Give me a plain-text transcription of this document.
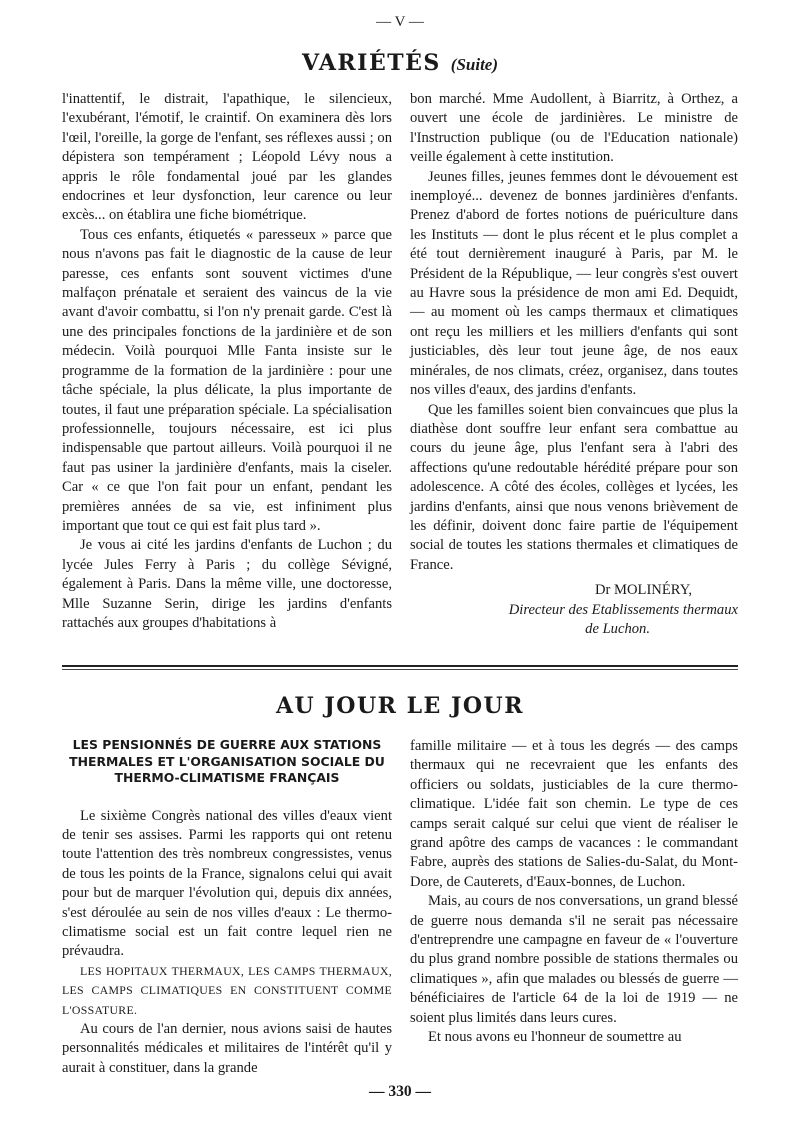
— V —
VARIÉTÉS (Suite)

l'inattentif, le distrait, l'apathique, le silencieux, l'exubérant, l'émotif, le craintif. On examinera dès lors l'œil, l'oreille, la gorge de l'enfant, ses réflexes aussi ; on dépistera son tempérament ; Léopold Lévy nous a appris le rôle fondamental joué par les glandes endocrines et leur dysfonction, leur carence ou leur excès... on établira une fiche biométrique.

Tous ces enfants, étiquetés « paresseux » parce que nous n'avons pas fait le diagnostic de la cause de leur paresse, ces enfants sont souvent victimes d'une malfaçon prénatale et seraient des vaincus de la vie avant d'avoir combattu, si l'on n'y prenait garde. C'est là une des principales fonctions de la jardinière et de son médecin. Voilà pourquoi Mlle Fanta insiste sur le programme de la formation de la jardinière : pour une tâche spéciale, la plus délicate, la plus importante de toutes, il faut une préparation spéciale. La spécialisation professionnelle, toujours nécessaire, est ici plus indispensable que partout ailleurs. Voilà pourquoi il ne faut pas usiner la jardinière d'enfants, mais la ciseler. Car « ce que l'on fait pour un enfant, pendant les premières années de sa vie, est infiniment plus important que tout ce qui est fait plus tard ».

Je vous ai cité les jardins d'enfants de Luchon ; du lycée Jules Ferry à Paris ; du collège Sévigné, également à Paris. Dans la même ville, une doctoresse, Mlle Suzanne Serin, dirige les jardins d'enfants rattachés aux groupes d'habitations à

bon marché. Mme Audollent, à Biarritz, à Orthez, a ouvert une école de jardinières. Le ministre de l'Instruction publique (ou de l'Education nationale) veille également à cette institution.

Jeunes filles, jeunes femmes dont le dévouement est inemployé... devenez de bonnes jardinières d'enfants. Prenez d'abord de fortes notions de puériculture dans les Instituts — dont le plus récent et le plus complet a été tout dernièrement inauguré à Paris, par M. le Président de la République, — leur congrès s'est ouvert au Havre sous la présidence de mon ami Ed. Dequidt, — au moment où les camps thermaux et climatiques ont reçu les milliers et les milliers d'enfants qui sont justiciables, dès leur tout jeune âge, de nos eaux minérales, de nos climats, créez, organisez, dans toutes nos villes d'eaux, des jardins d'enfants.

Que les familles soient bien convaincues que plus la diathèse dont souffre leur enfant sera combattue au cours du jeune âge, plus l'enfant sera à l'abri des affections qu'une redoutable hérédité prépare pour son adolescence. A côté des écoles, collèges et lycées, les jardins d'enfants, ainsi que nous venons brièvement de les définir, doivent donc faire partie de l'équipement social de toutes les stations thermales et climatiques de France.

Dr MOLINÉRY,
Directeur des Etablissements thermaux
de Luchon.
AU JOUR LE JOUR

LES PENSIONNÉS DE GUERRE AUX STATIONS THERMALES ET L'ORGANISATION SOCIALE DU THERMO-CLIMATISME FRANÇAIS

Le sixième Congrès national des villes d'eaux vient de tenir ses assises. Parmi les rapports qui ont retenu toute l'attention des très nombreux congressistes, venus de tous les points de la France, signalons celui qui avait pour but de marquer l'évolution qui, depuis dix années, s'est déroulée au sein de nos villes d'eaux : Le thermo-climatisme social est un fait contre lequel rien ne prévaudra.

LES HOPITAUX THERMAUX, LES CAMPS THERMAUX, LES CAMPS CLIMATIQUES EN CONSTITUENT COMME L'OSSATURE.

Au cours de l'an dernier, nous avions saisi de hautes personnalités médicales et militaires de l'intérêt qu'il y aurait à constituer, dans la grande

famille militaire — et à tous les degrés — des camps thermaux qui ne recevraient que les enfants des officiers ou soldats, justiciables de la cure thermo-climatique. L'idée fait son chemin. Le type de ces camps serait calqué sur celui que vient de réaliser le grand apôtre des camps de vacances : le commandant Fabre, auprès des stations de Salies-du-Salat, du Mont-Dore, de Cauterets, d'Eaux-bonnes, de Luchon.

Mais, au cours de nos conversations, un grand blessé de guerre nous demanda s'il ne serait pas nécessaire d'entreprendre une campagne en faveur de « l'ouverture du plus grand nombre possible de stations thermales ou climatiques », afin que malades ou blessés de guerre — bénéficiaires de l'article 64 de la loi de 1919 — ne soient plus limités dans leurs cures.

Et nous avons eu l'honneur de soumettre au

— 330 —
